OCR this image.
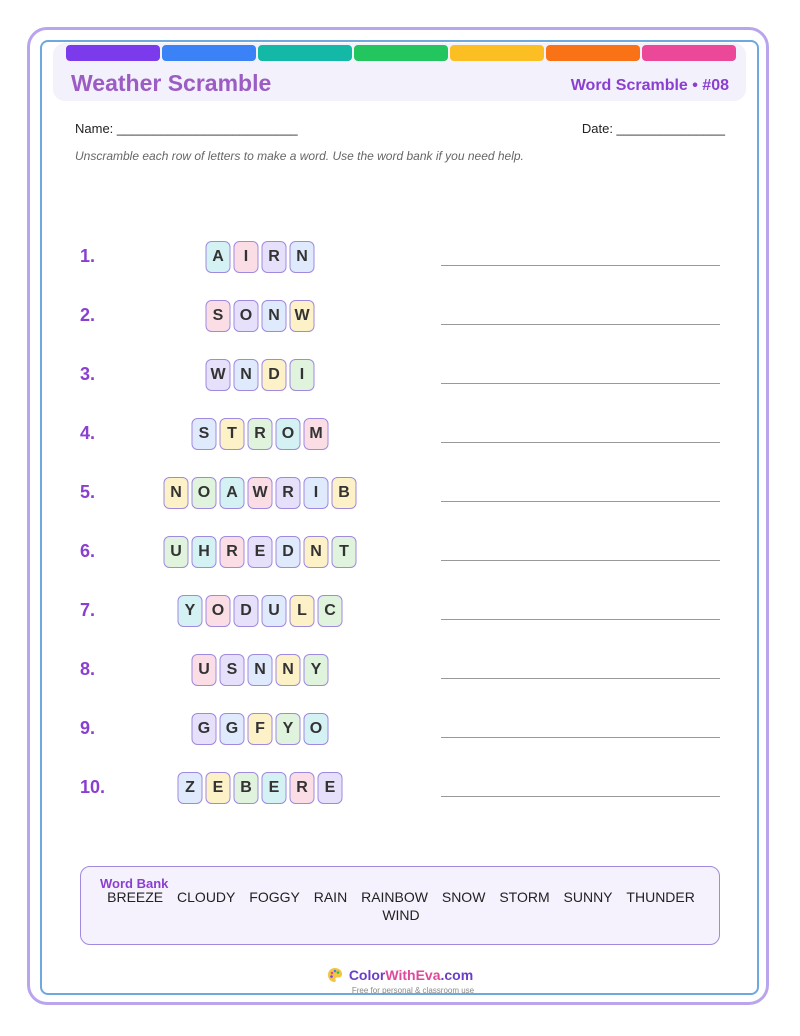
Weather Scramble	Word Scramble • #08
Name: _________________________	Date: _______________
Unscramble each row of letters to make a word. Use the word bank if you need help.
1.	A	I	R	N
2.	S	O	N W
3.	W N	D	I
4.	S	T	R O M
5.	N O	A W R	I	B
6.	U	H	R	E	D	N	T
7.	Y	O	D	U	L	C
8.	U	S	N	N	Y
9.	G G	F	Y	O
10.	Z	E	B	E	R	E
Word Bank
BREEZE CLOUDY FOGGY RAIN RAINBOW SNOW STORM SUNNY THUNDER WIND
ColorWithEva.com
Free for personal & classroom use
